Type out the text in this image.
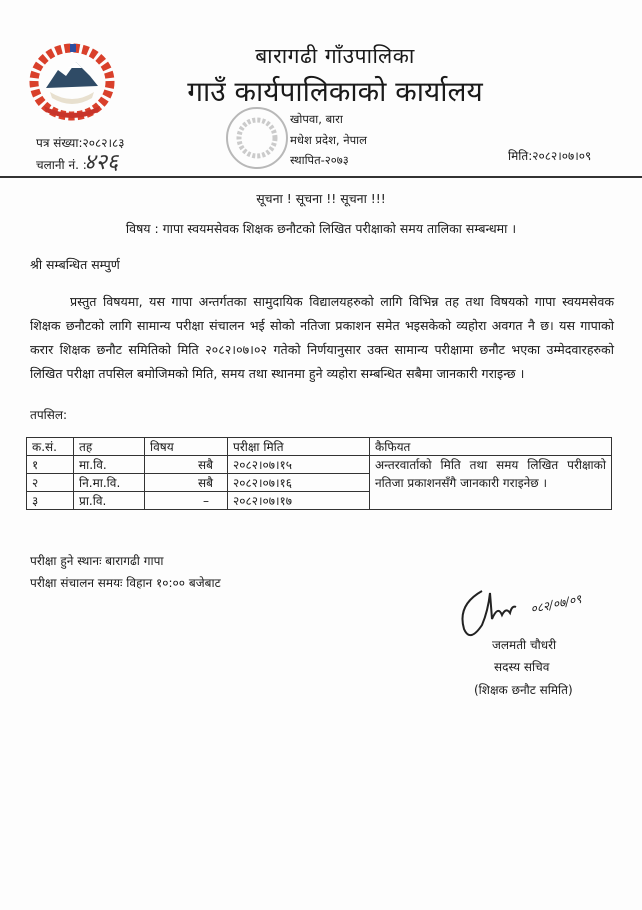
बारागढी गाँउपालिका
गाउँ कार्यपालिकाको कार्यालय
खोपवा, बारा
मधेश प्रदेश, नेपाल
स्थापित-२०७३
पत्र संख्या:२०८२।८३
चलानी नं. :
४२६	मिति:२०८२।०७।०९
सूचना ! सूचना !! सूचना !!!
विषय : गापा स्वयमसेवक शिक्षक छनौटको लिखित परीक्षाको समय तालिका सम्बन्धमा ।
श्री सम्बन्धित सम्पुर्ण
प्रस्तुत विषयमा, यस गापा अन्तर्गतका सामुदायिक विद्यालयहरुको लागि विभिन्न तह तथा विषयको गापा स्वयमसेवक शिक्षक छनौटको लागि सामान्य परीक्षा संचालन भई सोको नतिजा प्रकाशन समेत भइसकेको व्यहोरा अवगत नै छ। यस गापाको करार शिक्षक छनौट समितिको मिति २०८२।०७।०२ गतेको निर्णयानुसार उक्त सामान्य परीक्षामा छनौट भएका उम्मेदवारहरुको लिखित परीक्षा तपसिल बमोजिमको मिति, समय तथा स्थानमा हुने व्यहोरा सम्बन्धित सबैमा जानकारी गराइन्छ ।
तपसिल:
क.सं.	तह	विषय	परीक्षा मिति	कैफियत
१	मा.वि.	सबै	२०८२।०७।१५	अन्तरवार्ताको मिति तथा समय लिखित परीक्षाको नतिजा प्रकाशनसँगै जानकारी गराइनेछ ।
२	नि.मा.वि.	सबै	२०८२।०७।१६	
३	प्रा.वि.	–	२०८२।०७।१७	
परीक्षा हुने स्थानः बारागढी गापा
परीक्षा संचालन समयः विहान १०:०० बजेबाट
०८२/०७/०९
जलमती चौधरी
सदस्य सचिव
(शिक्षक छनौट समिति)
